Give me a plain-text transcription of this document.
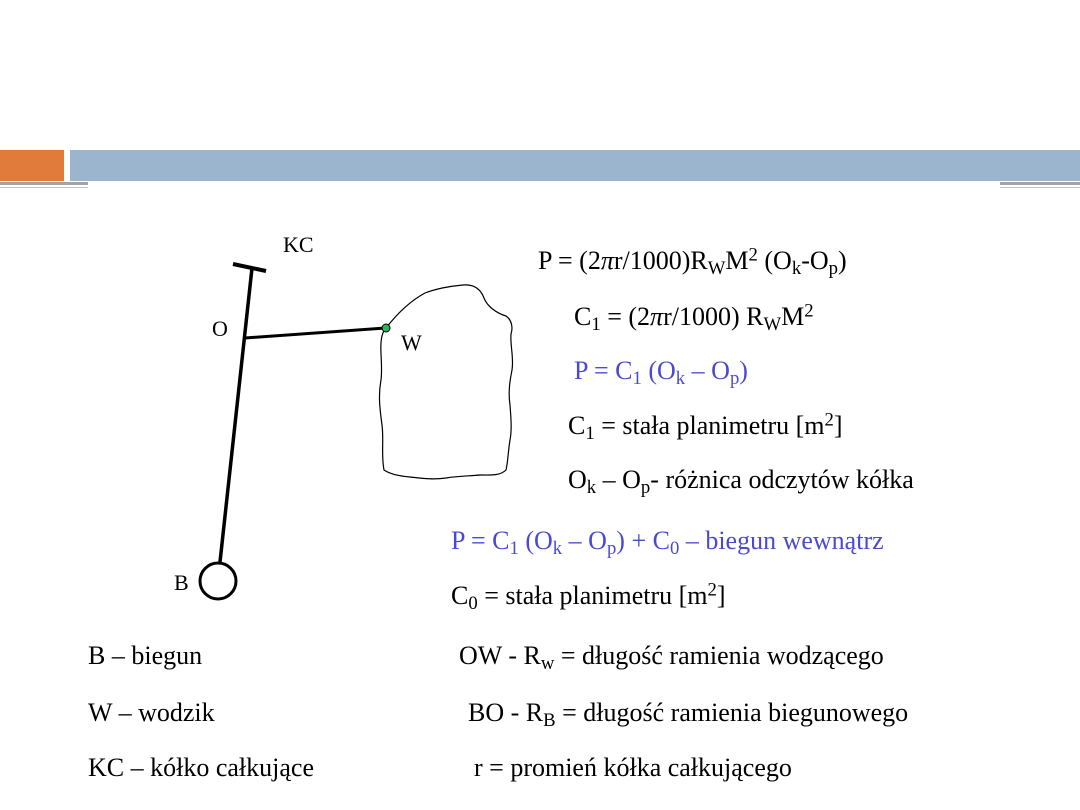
KC
O
W
B
$P = (2\pi r/1000)R_WM^2$ $(O_k-O_p)$
$C_1 = (2\pi r/1000)$ $R_WM^2$
$P = C_1$ $(O_k - O_p)$
$C_1$ = stała planimetru $[m^2]$
$O_k - O_p-$ różnica odczytów kółka
$P = C_1$ $(O_k - O_p) + C_0$ – biegun wewnątrz
$C_0$ = stała planimetru $[m^2]$
B – biegun
W – wodzik
KC – kółko całkujące
OW - $R_w$ = długość ramienia wodzącego
BO - $R_B$ = długość ramienia biegunowego
r = promień kółka całkującego
